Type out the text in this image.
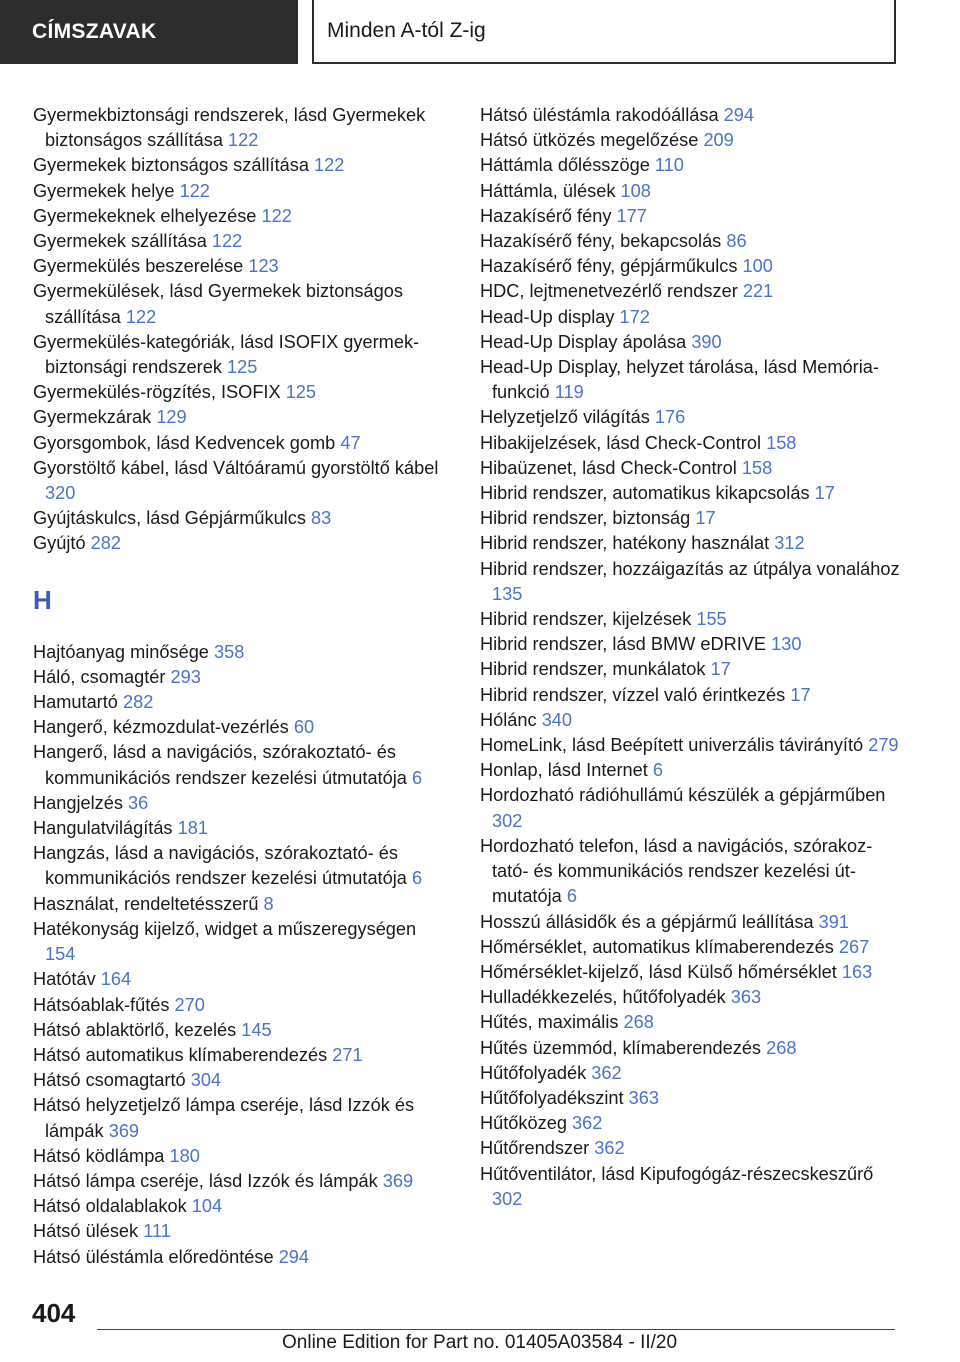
CÍMSZAVAK	Minden A-tól Z-ig
Gyermekbiztonsági rendszerek, lásd Gyermekek biztonságos szállítása 122
Gyermekek biztonságos szállítása 122
Gyermekek helye 122
Gyermekeknek elhelyezése 122
Gyermekek szállítása 122
Gyermekülés beszerelése 123
Gyermekülések, lásd Gyermekek biztonságos szállítása 122
Gyermekülés-kategóriák, lásd ISOFIX gyermekbiztonsági rendszerek 125
Gyermekülés-rögzítés, ISOFIX 125
Gyermekzárak 129
Gyorsgombok, lásd Kedvencek gomb 47
Gyorstöltő kábel, lásd Váltóáramú gyorstöltő kábel 320
Gyújtáskulcs, lásd Gépjárműkulcs 83
Gyújtó 282
H
Hajtóanyag minősége 358
Háló, csomagtér 293
Hamutartó 282
Hangerő, kézmozdulat-vezérlés 60
Hangerő, lásd a navigációs, szórakoztató- és kommunikációs rendszer kezelési útmutatója 6
Hangjelzés 36
Hangulatvilágítás 181
Hangzás, lásd a navigációs, szórakoztató- és kommunikációs rendszer kezelési útmutatója 6
Használat, rendeltetésszerű 8
Hatékonyság kijelző, widget a műszeregységen 154
Hatótáv 164
Hátsóablak-fűtés 270
Hátsó ablaktörlő, kezelés 145
Hátsó automatikus klímaberendezés 271
Hátsó csomagtartó 304
Hátsó helyzetjelző lámpa cseréje, lásd Izzók és lámpák 369
Hátsó ködlámpa 180
Hátsó lámpa cseréje, lásd Izzók és lámpák 369
Hátsó oldalablakok 104
Hátsó ülések 111
Hátsó üléstámla előredöntése 294
Hátsó üléstámla rakodóállása 294
Hátsó ütközés megelőzése 209
Háttámla dőlésszöge 110
Háttámla, ülések 108
Hazakísérő fény 177
Hazakísérő fény, bekapcsolás 86
Hazakísérő fény, gépjárműkulcs 100
HDC, lejtmenetvezérlő rendszer 221
Head-Up display 172
Head-Up Display ápolása 390
Head-Up Display, helyzet tárolása, lásd Memóriafunkció 119
Helyzetjelző világítás 176
Hibakijelzések, lásd Check-Control 158
Hibaüzenet, lásd Check-Control 158
Hibrid rendszer, automatikus kikapcsolás 17
Hibrid rendszer, biztonság 17
Hibrid rendszer, hatékony használat 312
Hibrid rendszer, hozzáigazítás az útpálya vonalához 135
Hibrid rendszer, kijelzések 155
Hibrid rendszer, lásd BMW eDRIVE 130
Hibrid rendszer, munkálatok 17
Hibrid rendszer, vízzel való érintkezés 17
Hólánc 340
HomeLink, lásd Beépített univerzális távirányító 279
Honlap, lásd Internet 6
Hordozható rádióhullámú készülék a gépjárműben 302
Hordozható telefon, lásd a navigációs, szórakoztató- és kommunikációs rendszer kezelési útmutatója 6
Hosszú állásidők és a gépjármű leállítása 391
Hőmérséklet, automatikus klímaberendezés 267
Hőmérséklet-kijelző, lásd Külső hőmérséklet 163
Hulladékkezelés, hűtőfolyadék 363
Hűtés, maximális 268
Hűtés üzemmód, klímaberendezés 268
Hűtőfolyadék 362
Hűtőfolyadékszint 363
Hűtőközeg 362
Hűtőrendszer 362
Hűtőventilátor, lásd Kipufogógáz-részecskeszűrő 302
404
Online Edition for Part no. 01405A03584 - II/20
